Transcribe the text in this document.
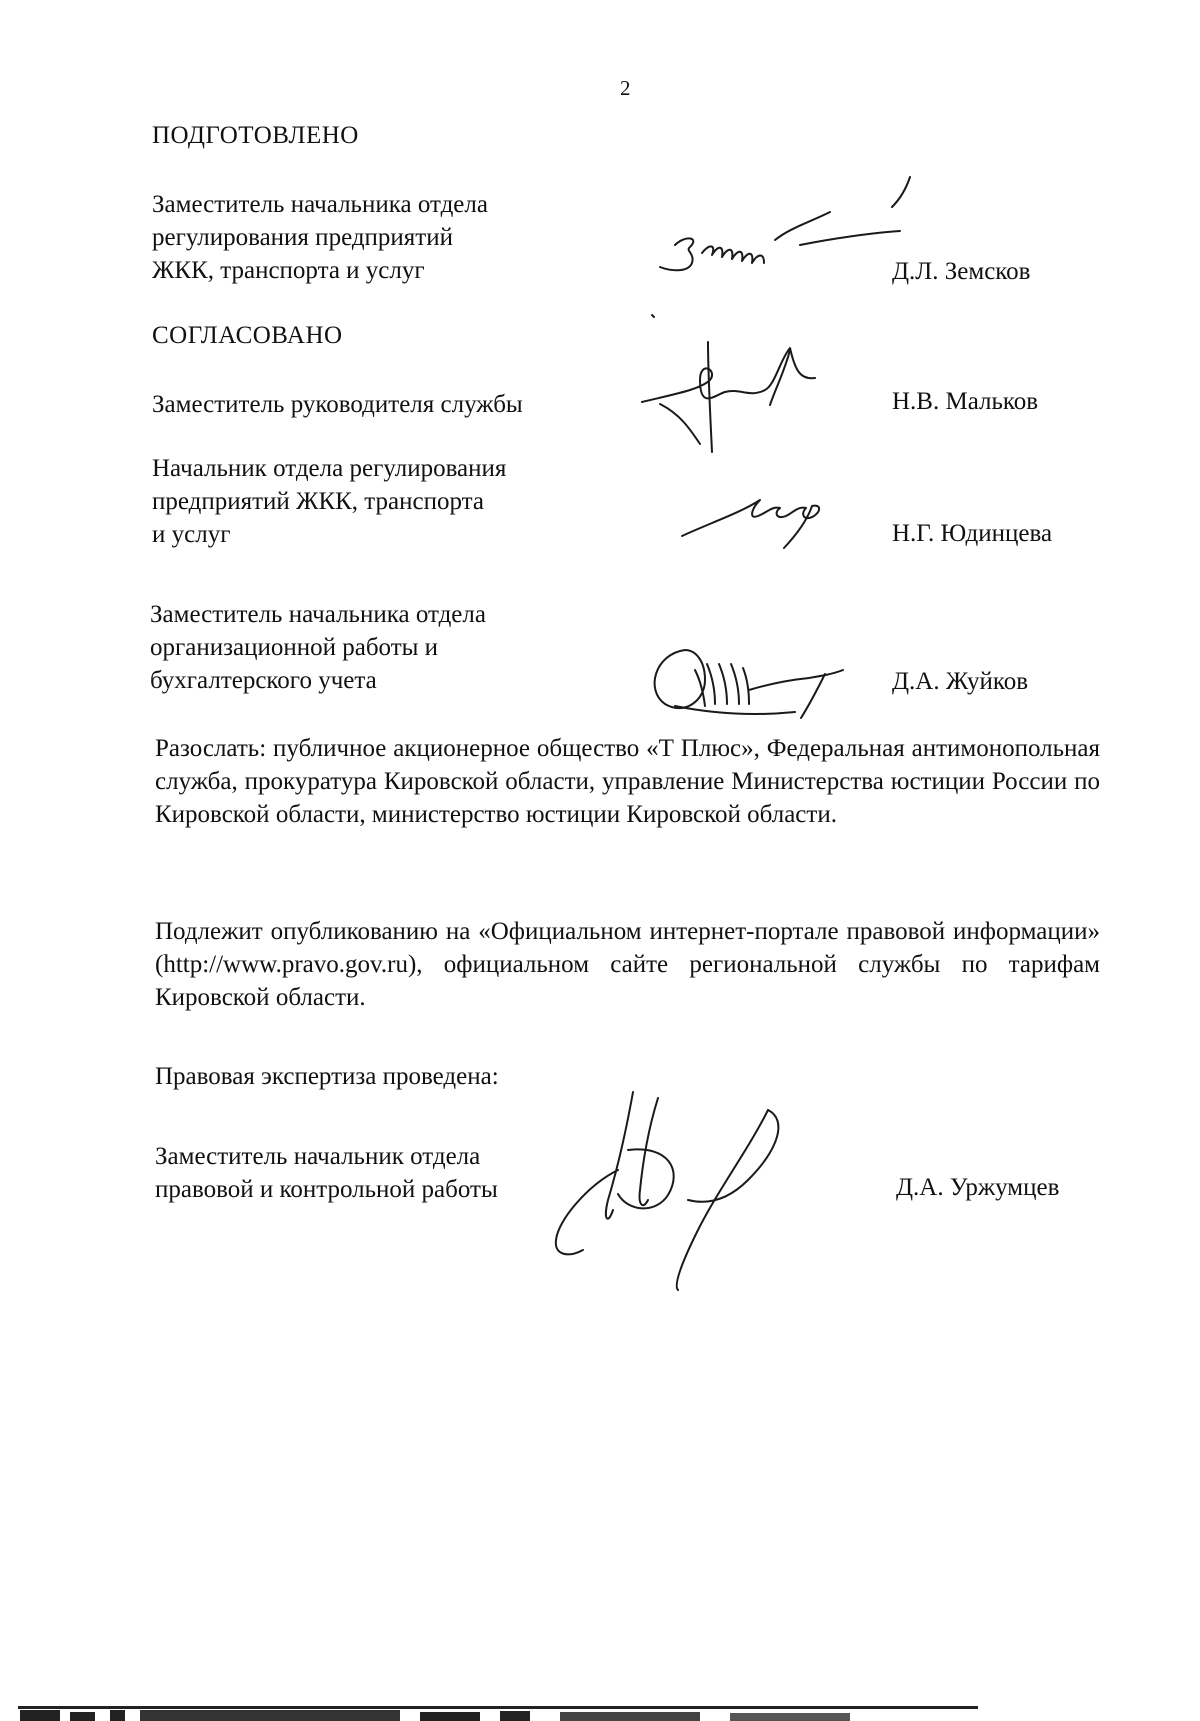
2
ПОДГОТОВЛЕНО
Заместитель начальника отдела
регулирования предприятий
ЖКК, транспорта и услуг	Д.Л. Земсков
СОГЛАСОВАНО
Заместитель руководителя службы	Н.В. Мальков
Начальник отдела регулирования
предприятий ЖКК, транспорта
и услуг	Н.Г. Юдинцева
Заместитель начальника отдела
организационной работы и
бухгалтерского учета	Д.А. Жуйков
Разослать: публичное акционерное общество «Т Плюс», Федеральная антимонопольная служба, прокуратура Кировской области, управление Министерства юстиции России по Кировской области, министерство юстиции Кировской области.
Подлежит опубликованию на «Официальном интернет-портале правовой информации» (http://www.pravo.gov.ru), официальном сайте региональной службы по тарифам Кировской области.
Правовая экспертиза проведена:
Заместитель начальник отдела
правовой и контрольной работы	Д.А. Уржумцев
